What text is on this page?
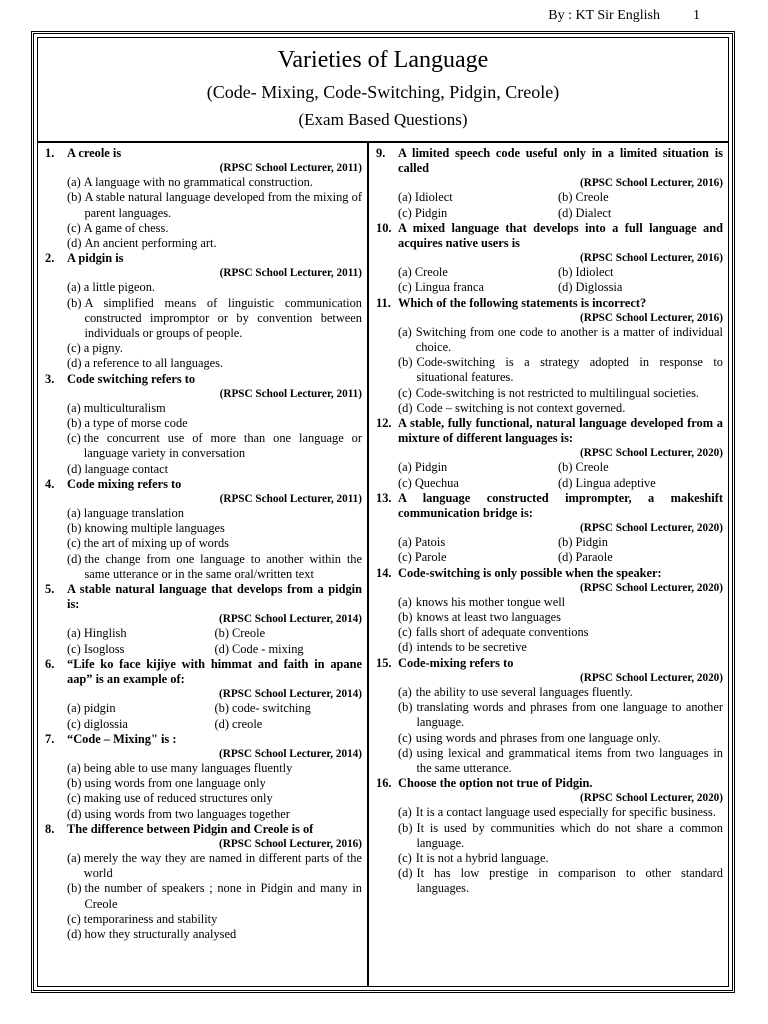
By : KT Sir English 1
Varieties of Language
(Code- Mixing, Code-Switching, Pidgin, Creole)
(Exam Based Questions)
1.	A creole is
(RPSC School Lecturer, 2011)
(a) A language with no grammatical construction.
(b) A stable natural language developed from the mixing of parent languages.
(c) A game of chess.
(d) An ancient performing art.
2.	A pidgin is
(RPSC School Lecturer, 2011)
(a) a little pigeon.
(b) A simplified means of linguistic communication constructed impromptor or by convention between individuals or groups of people.
(c) a pigny.
(d) a reference to all languages.
3.	Code switching refers to
(RPSC School Lecturer, 2011)
(a) multiculturalism
(b) a type of morse code
(c) the concurrent use of more than one language or language variety in conversation
(d) language contact
4.	Code mixing refers to
(RPSC School Lecturer, 2011)
(a) language translation
(b) knowing multiple languages
(c) the art of mixing up of words
(d) the change from one language to another within the same utterance or in the same oral/written text
5.	A stable natural language that develops from a pidgin is:
(RPSC School Lecturer, 2014)
(a) Hinglish	(b) Creole
(c) Isogloss	(d) Code - mixing
6.	“Life ko face kijiye with himmat and faith in apane aap” is an example of:
(RPSC School Lecturer, 2014)
(a) pidgin	(b) code- switching
(c) diglossia	(d) creole
7.	“Code – Mixing" is :
(RPSC School Lecturer, 2014)
(a) being able to use many languages fluently
(b) using words from one language only
(c) making use of reduced structures only
(d) using words from two languages together
8.	The difference between Pidgin and Creole is of
(RPSC School Lecturer, 2016)
(a) merely the way they are named in different parts of the world
(b) the number of speakers ; none in Pidgin and many in Creole
(c) temporariness and stability
(d) how they structurally analysed
9.	A limited speech code useful only in a limited situation is called
(RPSC School Lecturer, 2016)
(a) Idiolect	(b) Creole
(c) Pidgin	(d) Dialect
10. A mixed language that develops into a full language and acquires native users is
(RPSC School Lecturer, 2016)
(a) Creole	(b) Idiolect
(c) Lingua franca	(d) Diglossia
11. Which of the following statements is incorrect?
(RPSC School Lecturer, 2016)
(a) Switching from one code to another is a matter of individual choice.
(b) Code-switching is a strategy adopted in response to situational features.
(c) Code-switching is not restricted to multilingual societies.
(d) Code – switching is not context governed.
12. A stable, fully functional, natural language developed from a mixture of different languages is:
(RPSC School Lecturer, 2020)
(a) Pidgin	(b) Creole
(c) Quechua	(d) Lingua adeptive
13. A language constructed imprompter, a makeshift communication bridge is:
(RPSC School Lecturer, 2020)
(a) Patois	(b) Pidgin
(c) Parole	(d) Paraole
14. Code-switching is only possible when the speaker:
(RPSC School Lecturer, 2020)
(a) knows his mother tongue well
(b) knows at least two languages
(c) falls short of adequate conventions
(d) intends to be secretive
15. Code-mixing refers to
(RPSC School Lecturer, 2020)
(a) the ability to use several languages fluently.
(b) translating words and phrases from one language to another language.
(c) using words and phrases from one language only.
(d) using lexical and grammatical items from two languages in the same utterance.
16. Choose the option not true of Pidgin.
(RPSC School Lecturer, 2020)
(a) It is a contact language used especially for specific business.
(b) It is used by communities which do not share a common language.
(c) It is not a hybrid language.
(d) It has low prestige in comparison to other standard languages.
